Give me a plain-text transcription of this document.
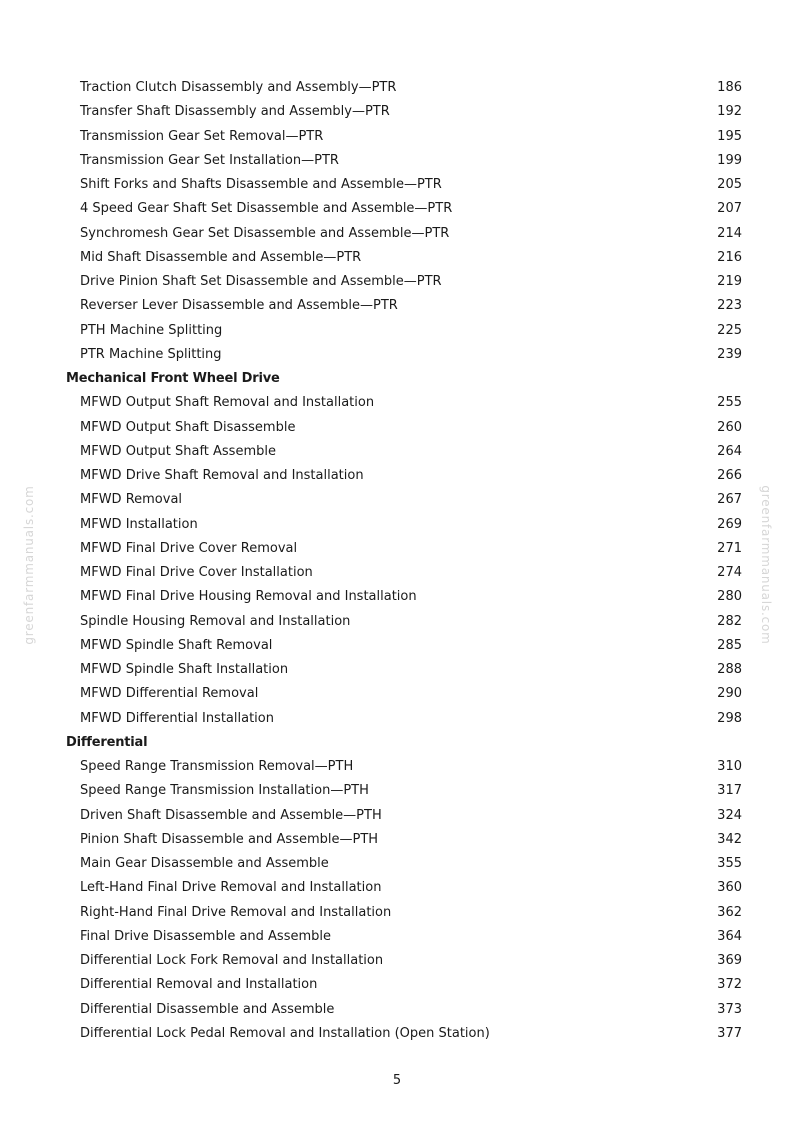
Traction Clutch Disassembly and Assembly—PTR	186
Transfer Shaft Disassembly and Assembly—PTR	192
Transmission Gear Set Removal—PTR	195
Transmission Gear Set Installation—PTR	199
Shift Forks and Shafts Disassemble and Assemble—PTR	205
4 Speed Gear Shaft Set Disassemble and Assemble—PTR	207
Synchromesh Gear Set Disassemble and Assemble—PTR	214
Mid Shaft Disassemble and Assemble—PTR	216
Drive Pinion Shaft Set Disassemble and Assemble—PTR	219
Reverser Lever Disassemble and Assemble—PTR	223
PTH Machine Splitting	225
PTR Machine Splitting	239
Mechanical Front Wheel Drive
MFWD Output Shaft Removal and Installation	255
MFWD Output Shaft Disassemble	260
MFWD Output Shaft Assemble	264
MFWD Drive Shaft Removal and Installation	266
MFWD Removal	267
MFWD Installation	269
MFWD Final Drive Cover Removal	271
MFWD Final Drive Cover Installation	274
MFWD Final Drive Housing Removal and Installation	280
Spindle Housing Removal and Installation	282
MFWD Spindle Shaft Removal	285
MFWD Spindle Shaft Installation	288
MFWD Differential Removal	290
MFWD Differential Installation	298
Differential
Speed Range Transmission Removal—PTH	310
Speed Range Transmission Installation—PTH	317
Driven Shaft Disassemble and Assemble—PTH	324
Pinion Shaft Disassemble and Assemble—PTH	342
Main Gear Disassemble and Assemble	355
Left-Hand Final Drive Removal and Installation	360
Right-Hand Final Drive Removal and Installation	362
Final Drive Disassemble and Assemble	364
Differential Lock Fork Removal and Installation	369
Differential Removal and Installation	372
Differential Disassemble and Assemble	373
Differential Lock Pedal Removal and Installation (Open Station)	377
greenfarmmanuals.com	greenfarmmanuals.com
5
